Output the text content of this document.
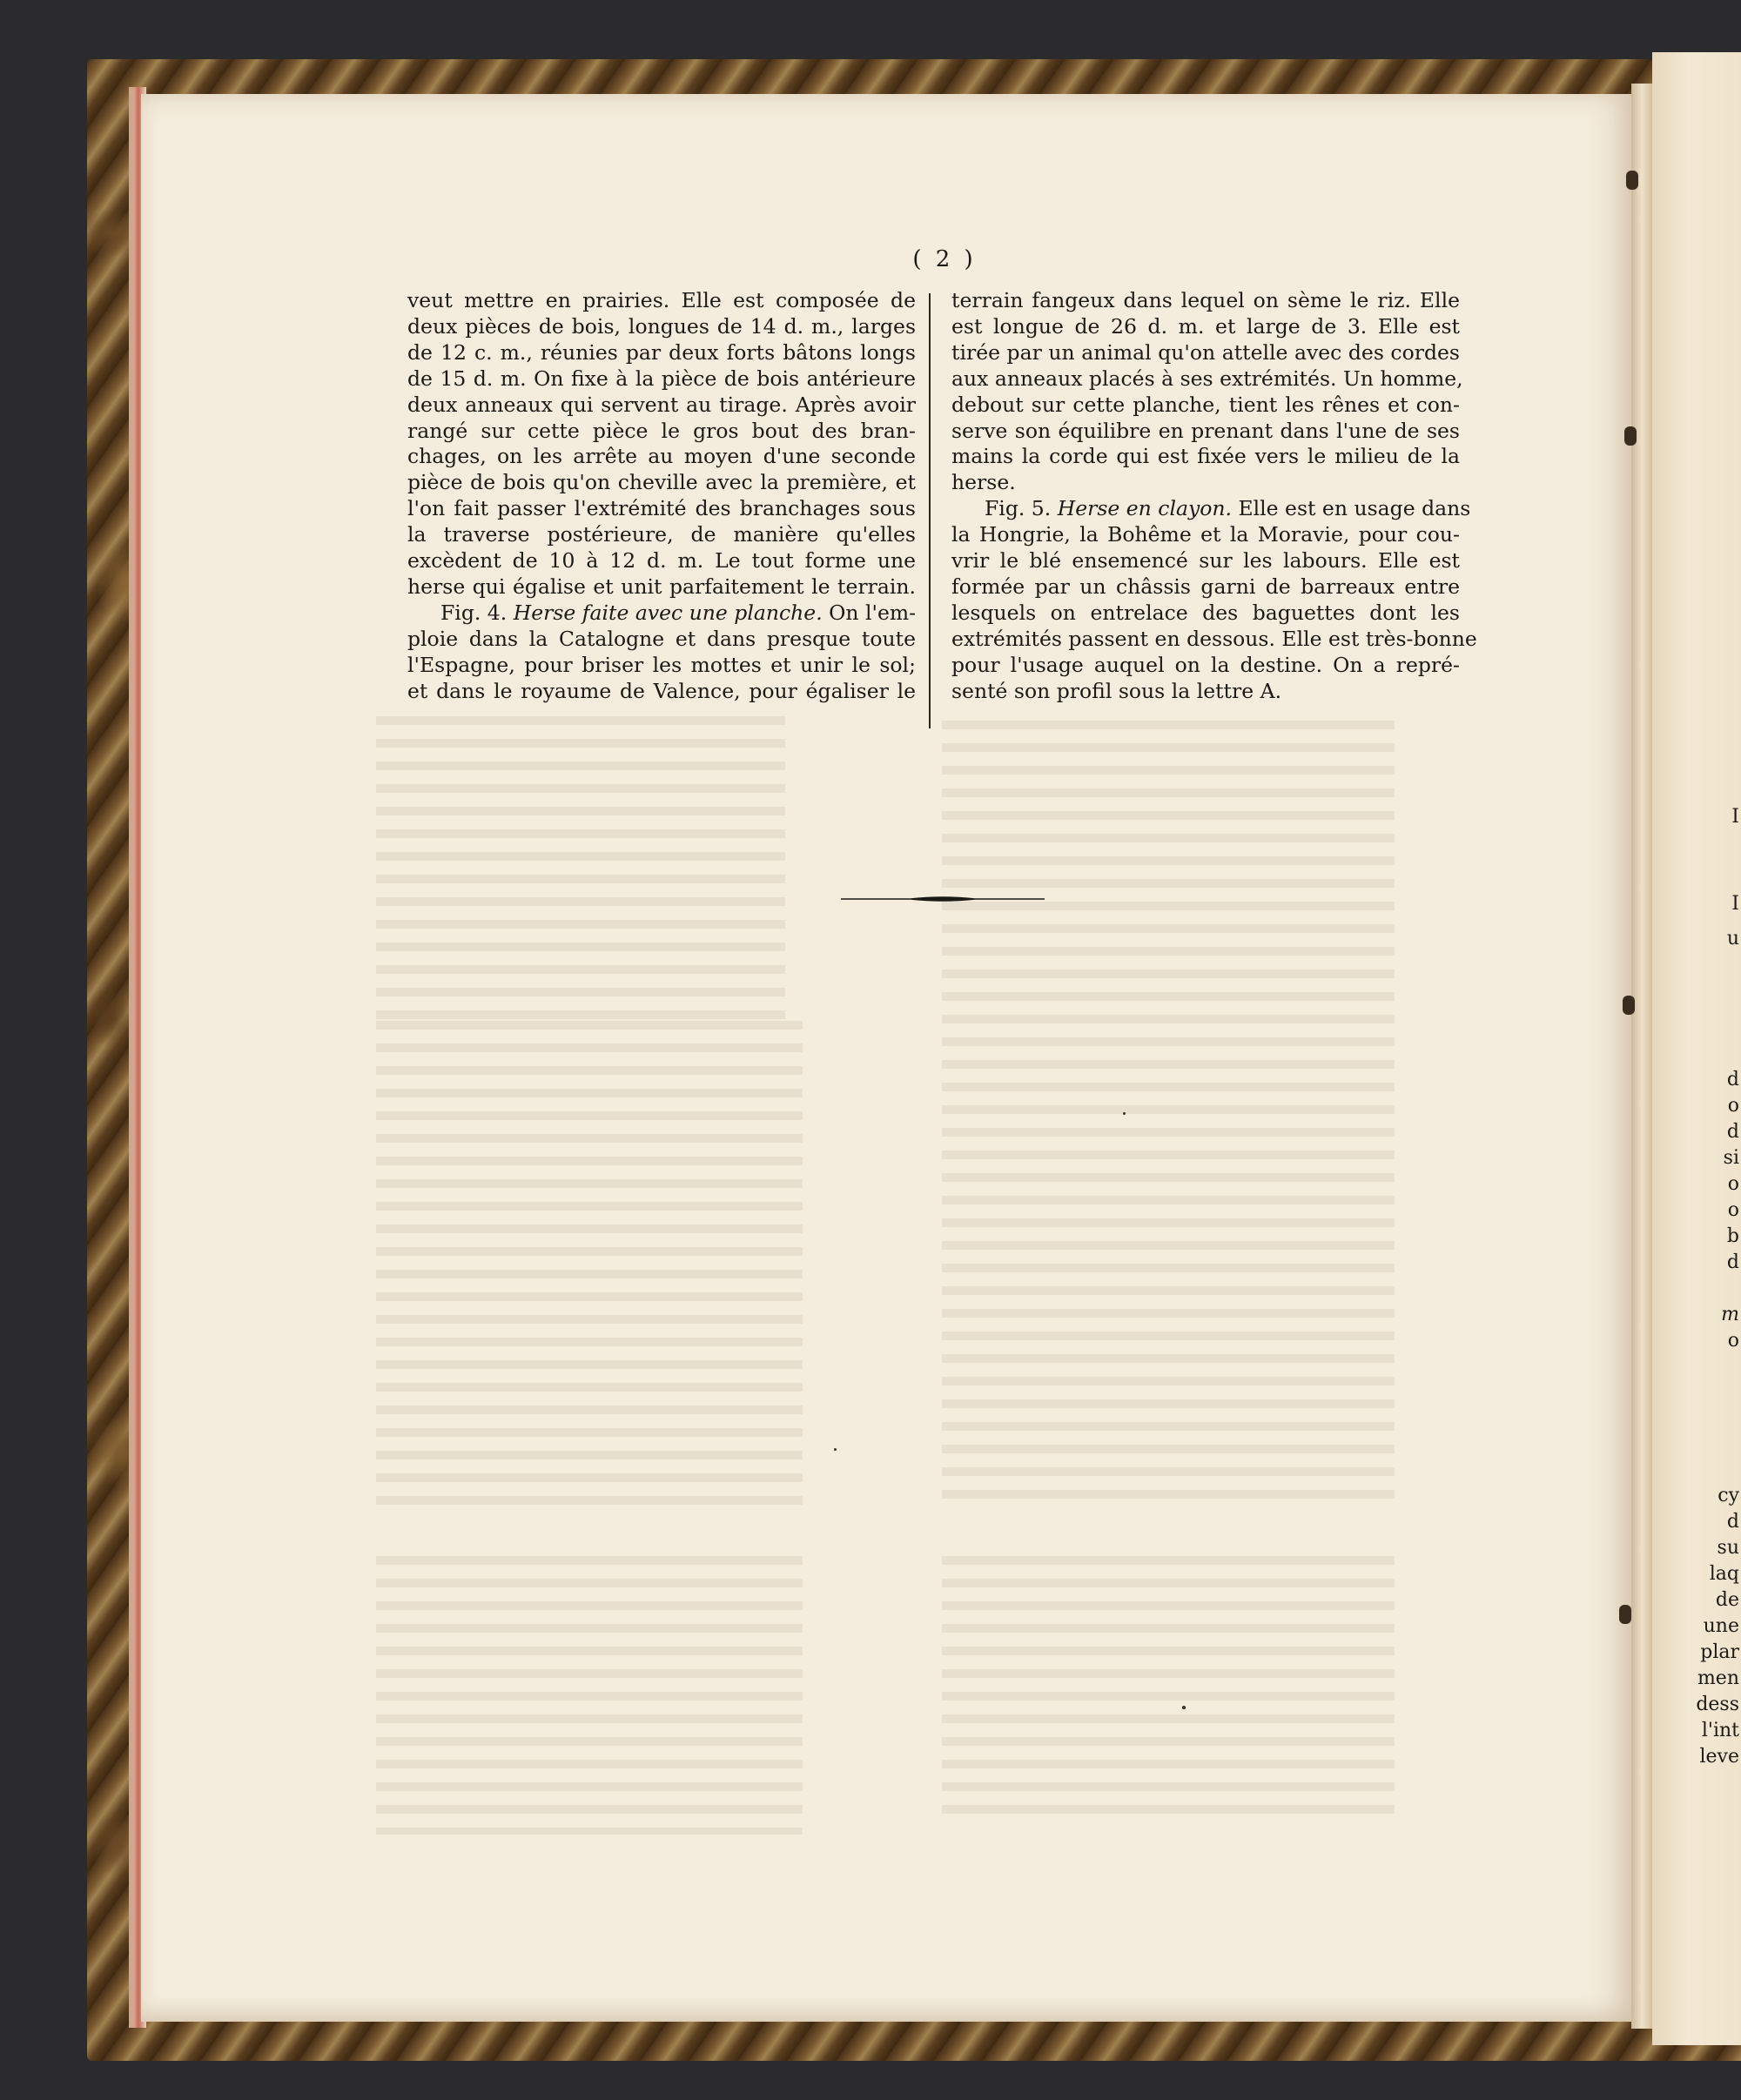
I
I
u
d
o
d
si
o
o
b
d
m
o
cy
d
su
laq
de
une
plar
men
dess
l'int
leve
( 2 )
veut mettre en prairies. Elle est composée de
deux pièces de bois, longues de 14 d. m., larges
de 12 c. m., réunies par deux forts bâtons longs
de 15 d. m. On fixe à la pièce de bois antérieure
deux anneaux qui servent au tirage. Après avoir
rangé sur cette pièce le gros bout des bran-
chages, on les arrête au moyen d'une seconde
pièce de bois qu'on cheville avec la première, et
l'on fait passer l'extrémité des branchages sous
la traverse postérieure, de manière qu'elles
excèdent de 10 à 12 d. m. Le tout forme une
herse qui égalise et unit parfaitement le terrain.
Fig. 4. Herse faite avec une planche. On l'em-
ploie dans la Catalogne et dans presque toute
l'Espagne, pour briser les mottes et unir le sol;
et dans le royaume de Valence, pour égaliser le
terrain fangeux dans lequel on sème le riz. Elle
est longue de 26 d. m. et large de 3. Elle est
tirée par un animal qu'on attelle avec des cordes
aux anneaux placés à ses extrémités. Un homme,
debout sur cette planche, tient les rênes et con-
serve son équilibre en prenant dans l'une de ses
mains la corde qui est fixée vers le milieu de la
herse.
Fig. 5. Herse en clayon. Elle est en usage dans
la Hongrie, la Bohême et la Moravie, pour cou-
vrir le blé ensemencé sur les labours. Elle est
formée par un châssis garni de barreaux entre
lesquels on entrelace des baguettes dont les
extrémités passent en dessous. Elle est très-bonne
pour l'usage auquel on la destine. On a repré-
senté son profil sous la lettre A.
